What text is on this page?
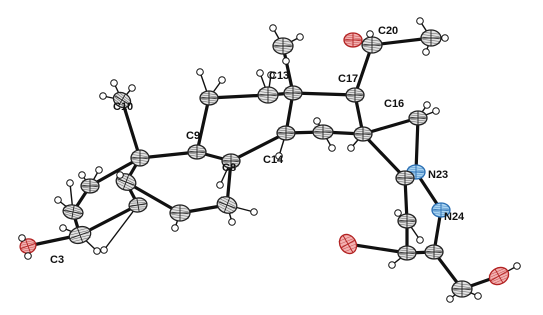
C3
C8
C9
C10
C13
C14
C16
C17
C20
N23
N24
